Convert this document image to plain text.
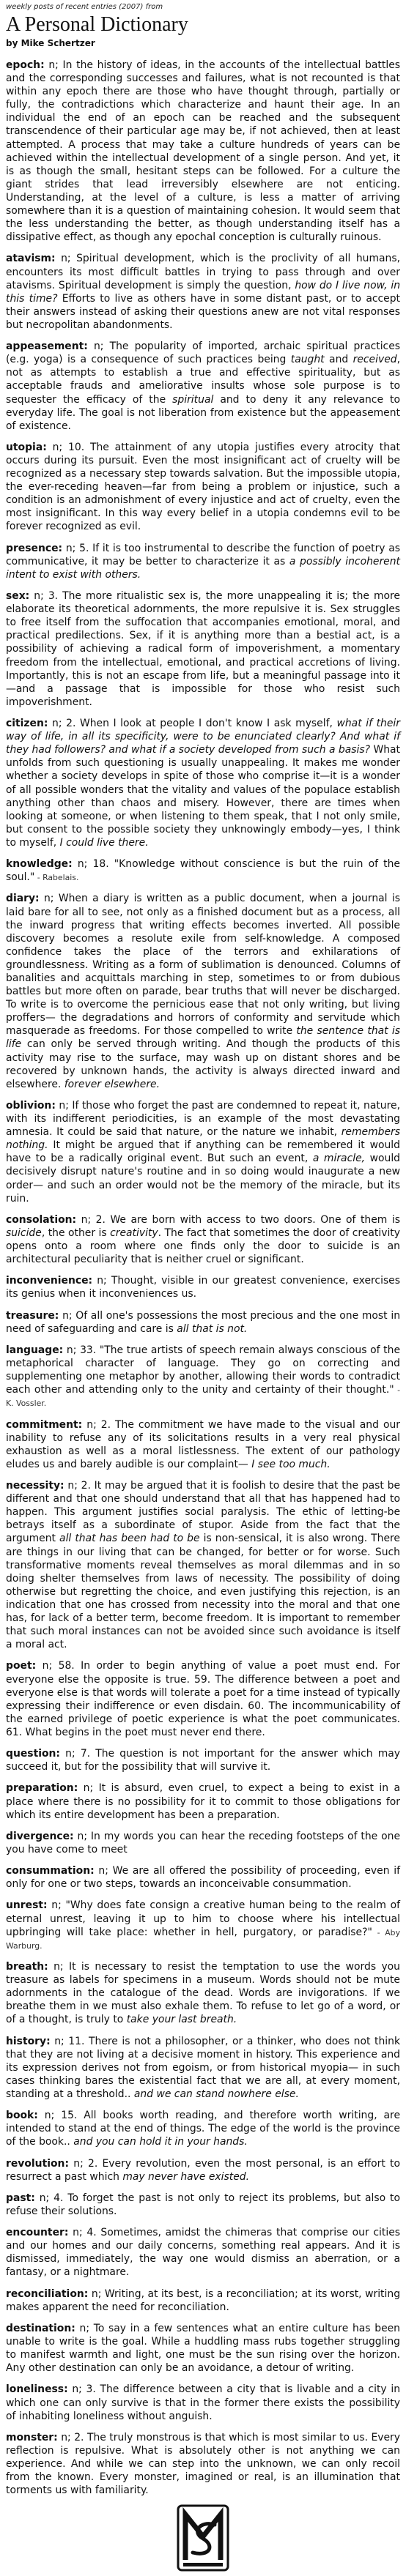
weekly posts of recent entries (2007) from
A Personal Dictionary
by Mike Schertzer

epoch: n; In the history of ideas, in the accounts of the intellectual battles and the corresponding successes and failures, what is not recounted is that within any epoch there are those who have thought through, partially or fully, the contradictions which characterize and haunt their age. In an individual the end of an epoch can be reached and the subsequent transcendence of their particular age may be, if not achieved, then at least attempted. A process that may take a culture hundreds of years can be achieved within the intellectual development of a single person. And yet, it is as though the small, hesitant steps can be followed. For a culture the giant strides that lead irreversibly elsewhere are not enticing. Understanding, at the level of a culture, is less a matter of arriving somewhere than it is a question of maintaining cohesion. It would seem that the less understanding the better, as though understanding itself has a dissipative effect, as though any epochal conception is culturally ruinous.

atavism: n; Spiritual development, which is the proclivity of all humans, encounters its most difficult battles in trying to pass through and over atavisms. Spiritual development is simply the question, how do I live now, in this time? Efforts to live as others have in some distant past, or to accept their answers instead of asking their questions anew are not vital responses but necropolitan abandonments.

appeasement: n; The popularity of imported, archaic spiritual practices (e.g. yoga) is a consequence of such practices being taught and received, not as attempts to establish a true and effective spirituality, but as acceptable frauds and ameliorative insults whose sole purpose is to sequester the efficacy of the spiritual and to deny it any relevance to everyday life. The goal is not liberation from existence but the appeasement of existence.

utopia: n; 10. The attainment of any utopia justifies every atrocity that occurs during its pursuit. Even the most insignificant act of cruelty will be recognized as a necessary step towards salvation. But the impossible utopia, the ever-receding heaven—far from being a problem or injustice, such a condition is an admonishment of every injustice and act of cruelty, even the most insignificant. In this way every belief in a utopia condemns evil to be forever recognized as evil.

presence: n; 5. If it is too instrumental to describe the function of poetry as communicative, it may be better to characterize it as a possibly incoherent intent to exist with others.

sex: n; 3. The more ritualistic sex is, the more unappealing it is; the more elaborate its theoretical adornments, the more repulsive it is. Sex struggles to free itself from the suffocation that accompanies emotional, moral, and practical predilections. Sex, if it is anything more than a bestial act, is a possibility of achieving a radical form of impoverishment, a momentary freedom from the intellectual, emotional, and practical accretions of living. Importantly, this is not an escape from life, but a meaningful passage into it—and a passage that is impossible for those who resist such impoverishment.

citizen: n; 2. When I look at people I don't know I ask myself, what if their way of life, in all its specificity, were to be enunciated clearly? And what if they had followers? and what if a society developed from such a basis? What unfolds from such questioning is usually unappealing. It makes me wonder whether a society develops in spite of those who comprise it—it is a wonder of all possible wonders that the vitality and values of the populace establish anything other than chaos and misery. However, there are times when looking at someone, or when listening to them speak, that I not only smile, but consent to the possible society they unknowingly embody—yes, I think to myself, I could live there.

knowledge: n; 18. "Knowledge without conscience is but the ruin of the soul." - Rabelais.

diary: n; When a diary is written as a public document, when a journal is laid bare for all to see, not only as a finished document but as a process, all the inward progress that writing effects becomes inverted. All possible discovery becomes a resolute exile from self-knowledge. A composed confidence takes the place of the terrors and exhilarations of groundlessness. Writing as a form of sublimation is denounced. Columns of banalities and acquittals marching in step, sometimes to or from dubious battles but more often on parade, bear truths that will never be discharged. To write is to overcome the pernicious ease that not only writing, but living proffers— the degradations and horrors of conformity and servitude which masquerade as freedoms. For those compelled to write the sentence that is life can only be served through writing. And though the products of this activity may rise to the surface, may wash up on distant shores and be recovered by unknown hands, the activity is always directed inward and elsewhere. forever elsewhere.

oblivion: n; If those who forget the past are condemned to repeat it, nature, with its indifferent periodicities, is an example of the most devastating amnesia. It could be said that nature, or the nature we inhabit, remembers nothing. It might be argued that if anything can be remembered it would have to be a radically original event. But such an event, a miracle, would decisively disrupt nature's routine and in so doing would inaugurate a new order— and such an order would not be the memory of the miracle, but its ruin.

consolation: n; 2. We are born with access to two doors. One of them is suicide, the other is creativity. The fact that sometimes the door of creativity opens onto a room where one finds only the door to suicide is an architectural peculiarity that is neither cruel or significant.

inconvenience: n; Thought, visible in our greatest convenience, exercises its genius when it inconveniences us.

treasure: n; Of all one's possessions the most precious and the one most in need of safeguarding and care is all that is not.

language: n; 33. "The true artists of speech remain always conscious of the metaphorical character of language. They go on correcting and supplementing one metaphor by another, allowing their words to contradict each other and attending only to the unity and certainty of their thought." - K. Vossler.

commitment: n; 2. The commitment we have made to the visual and our inability to refuse any of its solicitations results in a very real physical exhaustion as well as a moral listlessness. The extent of our pathology eludes us and barely audible is our complaint— I see too much.

necessity: n; 2. It may be argued that it is foolish to desire that the past be different and that one should understand that all that has happened had to happen. This argument justifies social paralysis. The ethic of letting-be betrays itself as a subordinate of stupor. Aside from the fact that the argument all that has been had to be is non-sensical, it is also wrong. There are things in our living that can be changed, for better or for worse. Such transformative moments reveal themselves as moral dilemmas and in so doing shelter themselves from laws of necessity. The possibility of doing otherwise but regretting the choice, and even justifying this rejection, is an indication that one has crossed from necessity into the moral and that one has, for lack of a better term, become freedom. It is important to remember that such moral instances can not be avoided since such avoidance is itself a moral act.

poet: n; 58. In order to begin anything of value a poet must end. For everyone else the opposite is true. 59. The difference between a poet and everyone else is that words will tolerate a poet for a time instead of typically expressing their indifference or even disdain. 60. The incommunicability of the earned privilege of poetic experience is what the poet communicates. 61. What begins in the poet must never end there.

question: n; 7. The question is not important for the answer which may succeed it, but for the possibility that will survive it.

preparation: n; It is absurd, even cruel, to expect a being to exist in a place where there is no possibility for it to commit to those obligations for which its entire development has been a preparation.

divergence: n; In my words you can hear the receding footsteps of the one you have come to meet

consummation: n; We are all offered the possibility of proceeding, even if only for one or two steps, towards an inconceivable consummation.

unrest: n; "Why does fate consign a creative human being to the realm of eternal unrest, leaving it up to him to choose where his intellectual upbringing will take place: whether in hell, purgatory, or paradise?" - Aby Warburg.

breath: n; It is necessary to resist the temptation to use the words you treasure as labels for specimens in a museum. Words should not be mute adornments in the catalogue of the dead. Words are invigorations. If we breathe them in we must also exhale them. To refuse to let go of a word, or of a thought, is truly to take your last breath.

history: n; 11. There is not a philosopher, or a thinker, who does not think that they are not living at a decisive moment in history. This experience and its expression derives not from egoism, or from historical myopia— in such cases thinking bares the existential fact that we are all, at every moment, standing at a threshold.. and we can stand nowhere else.

book: n; 15. All books worth reading, and therefore worth writing, are intended to stand at the end of things. The edge of the world is the province of the book.. and you can hold it in your hands.

revolution: n; 2. Every revolution, even the most personal, is an effort to resurrect a past which may never have existed.

past: n; 4. To forget the past is not only to reject its problems, but also to refuse their solutions.

encounter: n; 4. Sometimes, amidst the chimeras that comprise our cities and our homes and our daily concerns, something real appears. And it is dismissed, immediately, the way one would dismiss an aberration, or a fantasy, or a nightmare.

reconciliation: n; Writing, at its best, is a reconciliation; at its worst, writing makes apparent the need for reconciliation.

destination: n; To say in a few sentences what an entire culture has been unable to write is the goal. While a huddling mass rubs together struggling to manifest warmth and light, one must be the sun rising over the horizon. Any other destination can only be an avoidance, a detour of writing.

loneliness: n; 3. The difference between a city that is livable and a city in which one can only survive is that in the former there exists the possibility of inhabiting loneliness without anguish.

monster: n; 2. The truly monstrous is that which is most similar to us. Every reflection is repulsive. What is absolutely other is not anything we can experience. And while we can step into the unknown, we can only recoil from the known. Every monster, imagined or real, is an illumination that torments us with familiarity.
